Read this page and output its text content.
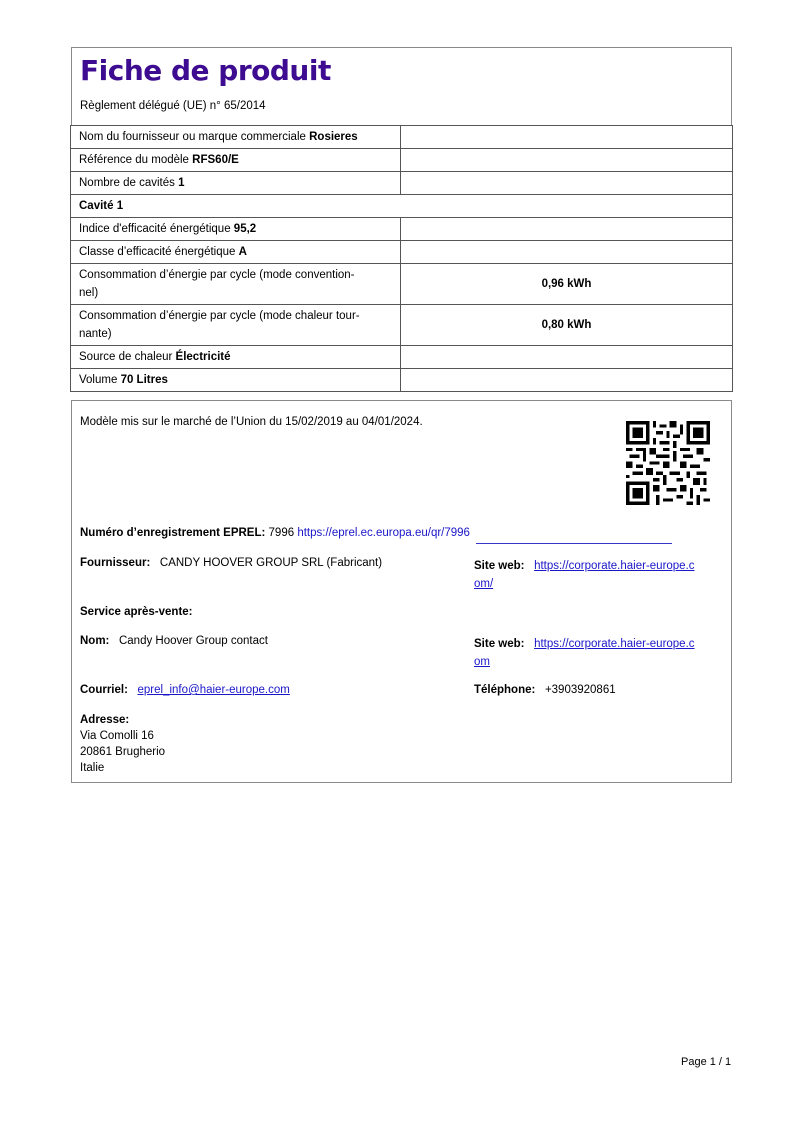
Fiche de produit
Règlement délégué (UE) n° 65/2014
Nom du fournisseur ou marque commerciale Rosieres	
Référence du modèle RFS60/E	
Nombre de cavités 1	
Cavité 1	
Indice d'efficacité énergétique 95,2	
Classe d’efficacité énergétique A	
Consommation d’énergie par cycle (mode convention-
nel)	0,96 kWh
Consommation d’énergie par cycle (mode chaleur tour-
nante)	0,80 kWh
Source de chaleur Électricité	
Volume 70 Litres	
Modèle mis sur le marché de l’Union du 15/02/2019 au 04/01/2024.
Numéro d’enregistrement EPREL: 7996 https://eprel.ec.europa.eu/qr/7996
Fournisseur: CANDY HOOVER GROUP SRL (Fabricant)	Site web: https://corporate.haier-europe.c
om/
Service après-vente:
Nom: Candy Hoover Group contact	Site web: https://corporate.haier-europe.c
om
Courriel: eprel_info@haier-europe.com	Téléphone: +3903920861
Adresse:
Via Comolli 16
20861 Brugherio
Italie
Page 1 / 1
